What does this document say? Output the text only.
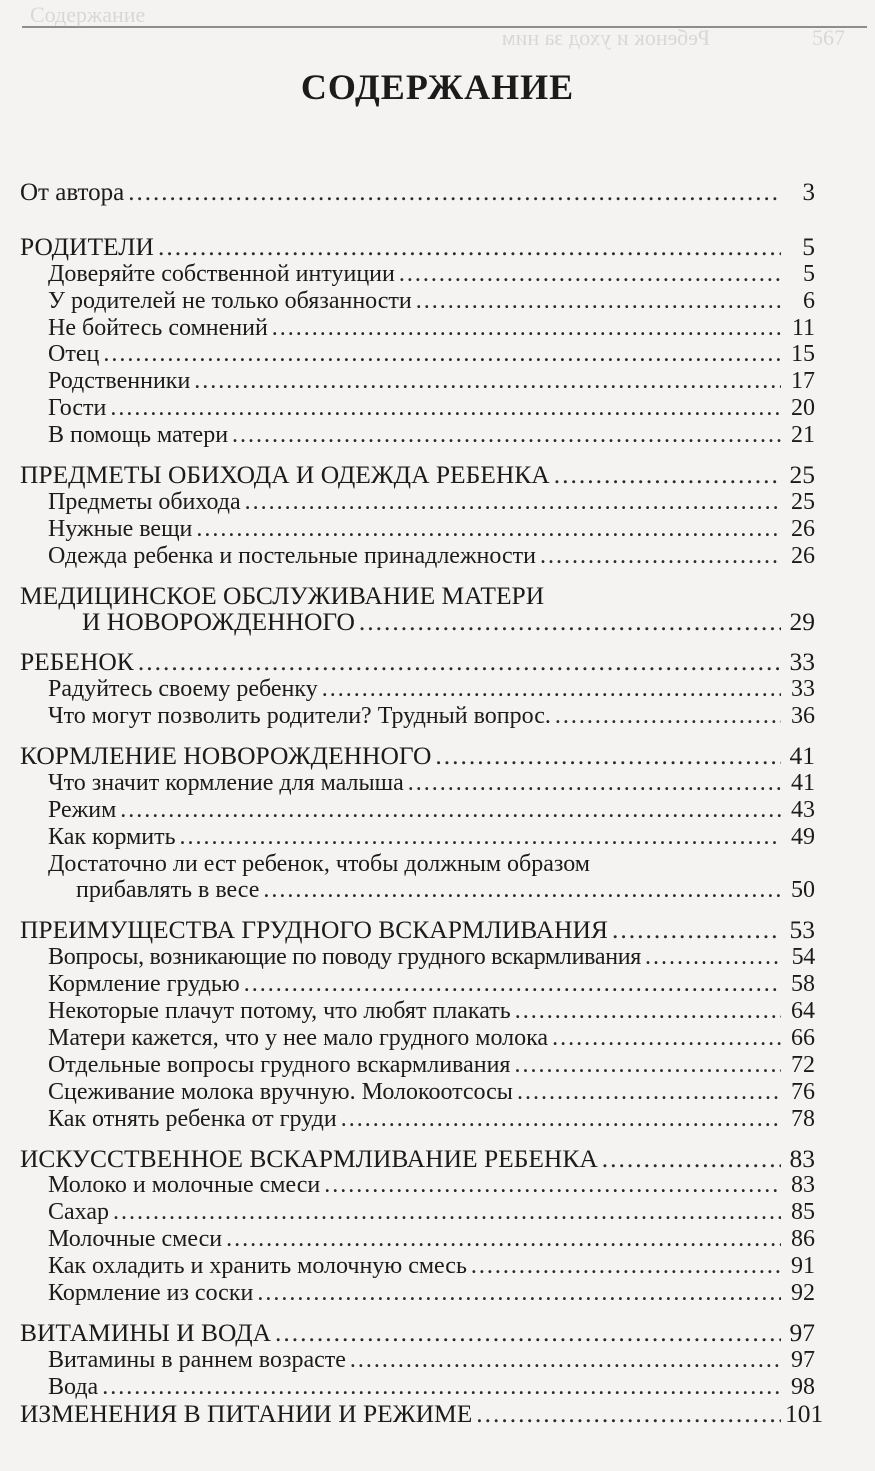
Содержание
Ребенок и уход за ним	567
СОДЕРЖАНИЕ
От автора .....	3
РОДИТЕЛИ .....	5
Доверяйте собственной интуиции .....	5
У родителей не только обязанности .....	6
Не бойтесь сомнений .....	11
Отец .....	15
Родственники .....	17
Гости .....	20
В помощь матери .....	21
ПРЕДМЕТЫ ОБИХОДА И ОДЕЖДА РЕБЕНКА .....	25
Предметы обихода .....	25
Нужные вещи .....	26
Одежда ребенка и постельные принадлежности .....	26
МЕДИЦИНСКОЕ ОБСЛУЖИВАНИЕ МАТЕРИ
И НОВОРОЖДЕННОГО .....	29
РЕБЕНОК .....	33
Радуйтесь своему ребенку .....	33
Что могут позволить родители? Трудный вопрос. .....	36
КОРМЛЕНИЕ НОВОРОЖДЕННОГО .....	41
Что значит кормление для малыша .....	41
Режим .....	43
Как кормить .....	49
Достаточно ли ест ребенок, чтобы должным образом
прибавлять в весе .....	50
ПРЕИМУЩЕСТВА ГРУДНОГО ВСКАРМЛИВАНИЯ .....	53
Вопросы, возникающие по поводу грудного вскармливания .....	54
Кормление грудью .....	58
Некоторые плачут потому, что любят плакать .....	64
Матери кажется, что у нее мало грудного молока .....	66
Отдельные вопросы грудного вскармливания .....	72
Сцеживание молока вручную. Молокоотсосы .....	76
Как отнять ребенка от груди .....	78
ИСКУССТВЕННОЕ ВСКАРМЛИВАНИЕ РЕБЕНКА .....	83
Молоко и молочные смеси .....	83
Сахар .....	85
Молочные смеси .....	86
Как охладить и хранить молочную смесь .....	91
Кормление из соски .....	92
ВИТАМИНЫ И ВОДА .....	97
Витамины в раннем возрасте .....	97
Вода .....	98
ИЗМЕНЕНИЯ В ПИТАНИИ И РЕЖИМЕ .....	101
